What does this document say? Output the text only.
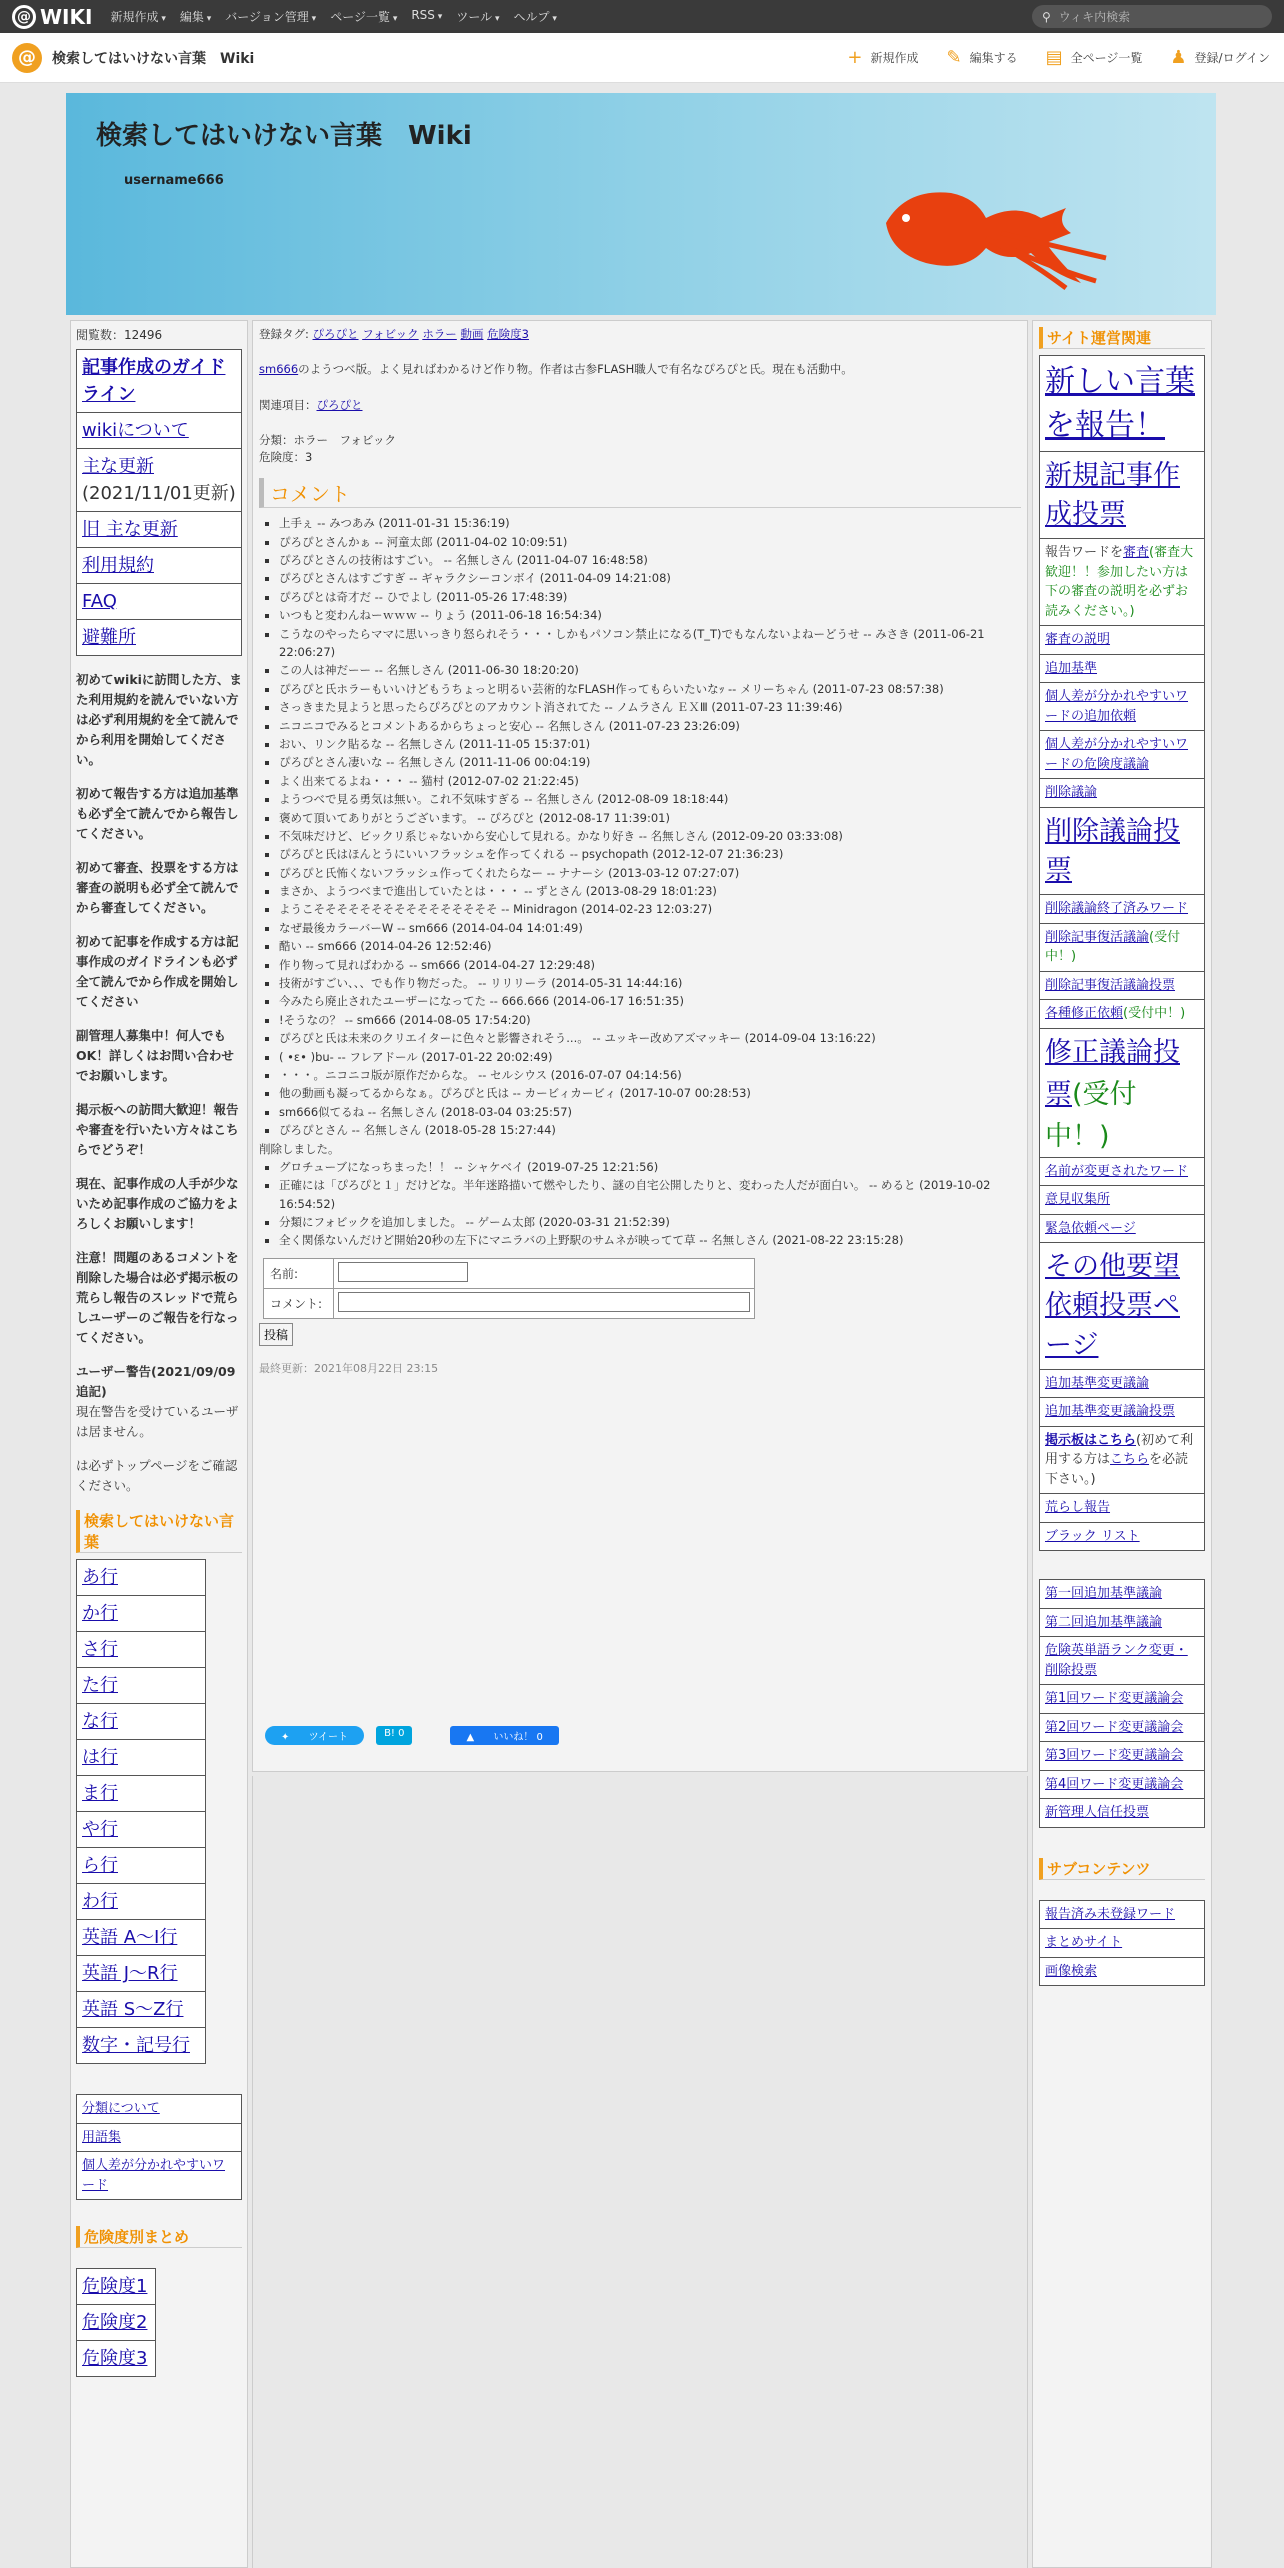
@ WIKI 新規作成 ▾	編集 ▾	バージョン管理 ▾	ページ一覧 ▾	RSS ▾	ツール ▾	ヘルプ ▾	⚲
ウィキ内検索
@	検索してはいけない言葉　Wiki	+ 新規作成 ✎ 編集する ▤ 全ページ一覧 ♟ 登録/ログイン
検索してはいけない言葉　Wiki
username666
閲覧数：12496
記事作成のガイドライン
wikiについて
主な更新(2021/11/01更新)
旧 主な更新
利用規約
FAQ
避難所
初めてwikiに訪問した方、また利用規約を読んでいない方は必ず利用規約を全て読んでから利用を開始してください。
初めて報告する方は追加基準も必ず全て読んでから報告してください。
初めて審査、投票をする方は審査の説明も必ず全て読んでから審査してください。
初めて記事を作成する方は記事作成のガイドラインも必ず全て読んでから作成を開始してください
副管理人募集中！何人でもOK！詳しくはお問い合わせでお願いします。
掲示板への訪問大歓迎！報告や審査を行いたい方々はこちらでどうぞ！
現在、記事作成の人手が少ないため記事作成のご協力をよろしくお願いします！
注意！問題のあるコメントを削除した場合は必ず掲示板の荒らし報告のスレッドで荒らしユーザーのご報告を行なってください。
ユーザー警告(2021/09/09追記)
現在警告を受けているユーザは居ません。
は必ずトップページをご確認ください。
検索してはいけない言葉
あ行
か行
さ行
た行
な行
は行
ま行
や行
ら行
わ行
英語 A〜I行
英語 J〜R行
英語 S〜Z行
数字・記号行
分類について
用語集
個人差が分かれやすいワード
危険度別まとめ
危険度1
危険度2
危険度3

登録タグ: ぴろぴと フォビック ホラー 動画 危険度3

sm666のようつべ版。よく見ればわかるけど作り物。作者は古参FLASH職人で有名なぴろぴと氏。現在も活動中。

関連項目：ぴろぴと

分類：ホラー　フォビック

危険度：3

コメント
▪ 上手ぇ -- みつあみ (2011-01-31 15:36:19)
▪ ぴろぴとさんかぁ -- 河童太郎 (2011-04-02 10:09:51)
▪ ぴろぴとさんの技術はすごい。 -- 名無しさん (2011-04-07 16:48:58)
▪ ぴろぴとさんはすごすぎ -- ギャラクシーコンボイ (2011-04-09 14:21:08)
▪ ぴろぴとは奇才だ -- ひでよし (2011-05-26 17:48:39)
▪ いつもと変わんねーｗｗｗ -- りょう (2011-06-18 16:54:34)
▪ こうなのやったらママに思いっきり怒られそう・・・しかもパソコン禁止になる(T_T)でもなんないよねーどうせ -- みさき (2011-06-21 22:06:27)
▪ この人は神だーー -- 名無しさん (2011-06-30 18:20:20)
▪ ぴろぴと氏ホラーもいいけどもうちょっと明るい芸術的なFLASH作ってもらいたいなｯ -- メリーちゃん (2011-07-23 08:57:38)
▪ さっきまた見ようと思ったらぴろぴとのアカウント消されてた -- ノムラさん ＥＸⅢ (2011-07-23 11:39:46)
▪ ニコニコでみるとコメントあるからちょっと安心 -- 名無しさん (2011-07-23 23:26:09)
▪ おい、リンク貼るな -- 名無しさん (2011-11-05 15:37:01)
▪ ぴろぴとさん凄いな -- 名無しさん (2011-11-06 00:04:19)
▪ よく出来てるよね・・・ -- 猫村 (2012-07-02 21:22:45)
▪ ようつべで見る勇気は無い。これ不気味すぎる -- 名無しさん (2012-08-09 18:18:44)
▪ 褒めて頂いてありがとうございます。 -- ぴろぴと (2012-08-17 11:39:01)
▪ 不気味だけど、ビックリ系じゃないから安心して見れる。かなり好き -- 名無しさん (2012-09-20 03:33:08)
▪ ぴろぴと氏はほんとうにいいフラッシュを作ってくれる -- psychopath (2012-12-07 21:36:23)
▪ ぴろぴと氏怖くないフラッシュ作ってくれたらなー -- ナナーシ (2013-03-12 07:27:07)
▪ まさか、ようつべまで進出していたとは・・・ -- ずとさん (2013-08-29 18:01:23)
▪ ようこそそそそそそそそそそそそそそそそ -- Minidragon (2014-02-23 12:03:27)
▪ なぜ最後カラーバーW -- sm666 (2014-04-04 14:01:49)
▪ 酷い -- sm666 (2014-04-26 12:52:46)
▪ 作り物って見ればわかる -- sm666 (2014-04-27 12:29:48)
▪ 技術がすごい、、、でも作り物だった。 -- リリリーラ (2014-05-31 14:44:16)
▪ 今みたら廃止されたユーザーになってた -- 666.666 (2014-06-17 16:51:35)
▪ !そうなの？ -- sm666 (2014-08-05 17:54:20)
▪ ぴろぴと氏は未来のクリエイターに色々と影響されそう...。 -- ユッキー改めアズマッキー (2014-09-04 13:16:22)
▪ ( •ε• )bu- -- フレアドール (2017-01-22 20:02:49)
▪ ・・・。ニコニコ版が原作だからな。 -- セルシウス (2016-07-07 04:14:56)
▪ 他の動画も凝ってるからなぁ。ぴろぴと氏は -- カービィカービィ (2017-10-07 00:28:53)
▪ sm666似てるね -- 名無しさん (2018-03-04 03:25:57)
▪ ぴろぴとさん -- 名無しさん (2018-05-28 15:27:44)
削除しました。
▪ グロチューブになっちまった！！ -- シャケベイ (2019-07-25 12:21:56)
▪ 正確には「ぴろぴと１」だけどな。半年迷路描いて燃やしたり、謎の自宅公開したりと、変わった人だが面白い。 -- めると (2019-10-02 16:54:52)
▪ 分類にフォビックを追加しました。 -- ゲーム太郎 (2020-03-31 21:52:39)
▪ 全く関係ないんだけど開始20秒の左下にマニラバの上野駅のサムネが映ってて草 -- 名無しさん (2021-08-22 23:15:28)
名前:
コメント:
投稿
最終更新：2021年08月22日 23:15
✦ ツイート	B! 0	▲ いいね！ 0
サイト運営関連
新しい言葉を報告！
新規記事作成投票
報告ワードを審査(審査大歓迎！！参加したい方は下の審査の説明を必ずお読みください。)
審査の説明
追加基準
個人差が分かれやすいワードの追加依頼
個人差が分かれやすいワードの危険度議論
削除議論
削除議論投票
削除議論終了済みワード
削除記事復活議論(受付中！)
削除記事復活議論投票
各種修正依頼(受付中！)
修正議論投票(受付中！)
名前が変更されたワード
意見収集所
緊急依頼ページ
その他要望依頼投票ページ
追加基準変更議論
追加基準変更議論投票
掲示板はこちら(初めて利用する方はこちらを必読下さい。)
荒らし報告
ブラック リスト
第一回追加基準議論
第二回追加基準議論
危険英単語ランク変更・削除投票
第1回ワード変更議論会
第2回ワード変更議論会
第3回ワード変更議論会
第4回ワード変更議論会
新管理人信任投票
サブコンテンツ
報告済み未登録ワード
まとめサイト
画像検索
